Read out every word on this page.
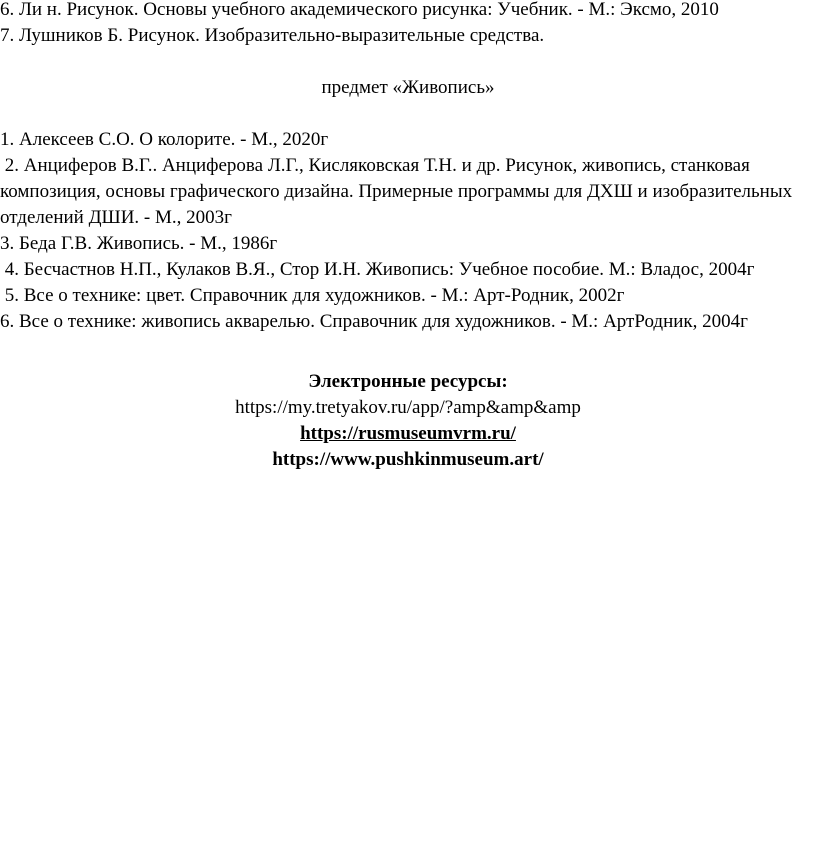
6. Ли н. Рисунок. Основы учебного академического рисунка: Учебник. - М.: Эксмо, 2010
7. Лушников Б. Рисунок. Изобразительно-выразительные средства.
предмет «Живопись»
1. Алексеев С.О. О колорите. - М., 2020г
2. Анциферов В.Г.. Анциферова Л.Г., Кисляковская Т.Н. и др. Рисунок, живопись, станковая композиция, основы графического дизайна. Примерные программы для ДХШ и изобразительных отделений ДШИ. - М., 2003г
3. Беда Г.В. Живопись. - М., 1986г
4. Бесчастнов Н.П., Кулаков В.Я., Стор И.Н. Живопись: Учебное пособие. М.: Владос, 2004г
5. Все о технике: цвет. Справочник для художников. - М.: Арт-Родник, 2002г
6. Все о технике: живопись акварелью. Справочник для художников. - М.: АртРодник, 2004г
Электронные ресурсы:
https://my.tretyakov.ru/app/?amp&amp&amp
https://rusmuseumvrm.ru/
https://www.pushkinmuseum.art/
